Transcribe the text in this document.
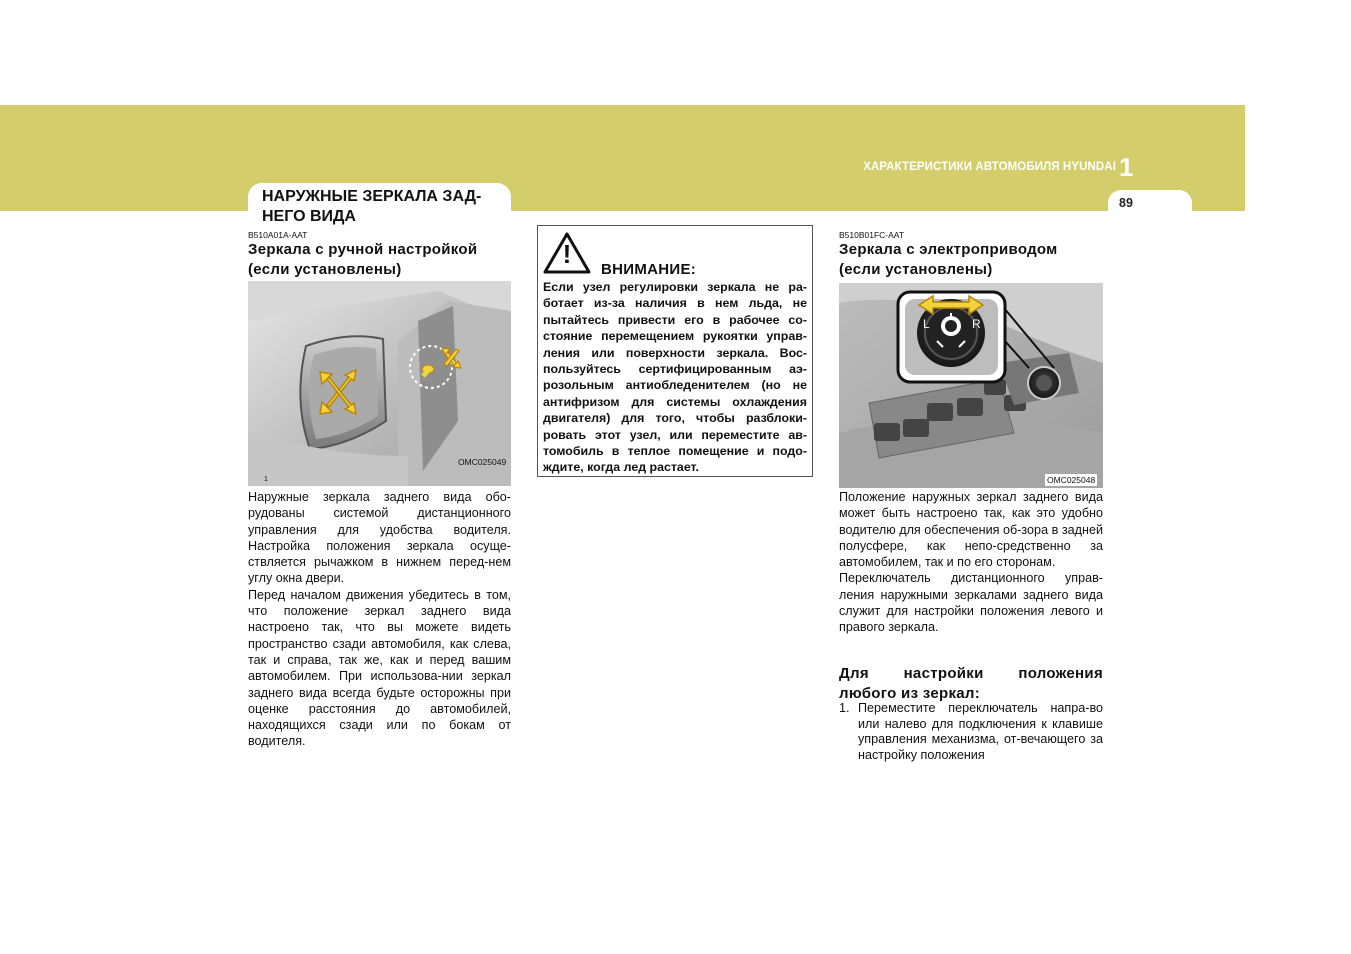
ХАРАКТЕРИСТИКИ АВТОМОБИЛЯ HYUNDAI 1
89
НАРУЖНЫЕ ЗЕРКАЛА ЗАД-
НЕГО ВИДА
B510A01A-AAT
Зеркала с ручной настройкой
(если установлены)
OMC025049
1

Наружные зеркала заднего вида обо-рудованы системой дистанционного управления для удобства водителя. Настройка положения зеркала осуще-ствляется рычажком в нижнем перед-нем углу окна двери.

Перед началом движения убедитесь в том, что положение зеркал заднего вида настроено так, что вы можете видеть пространство сзади автомобиля, как слева, так и справа, так же, как и перед вашим автомобилем. При использова-нии зеркал заднего вида всегда будьте осторожны при оценке расстояния до автомобилей, находящихся сзади или по бокам от водителя.

!
ВНИМАНИЕ:

Если узел регулировки зеркала не ра-ботает из-за наличия в нем льда, не пытайтесь привести его в рабочее со-стояние перемещением рукоятки управ-ления или поверхности зеркала. Вос-пользуйтесь сертифицированным аэ-розольным антиобледенителем (но не антифризом для системы охлаждения двигателя) для того, чтобы разблоки-ровать этот узел, или переместите ав-томобиль в теплое помещение и подо-ждите, когда лед растает.

B510B01FC-AAT
Зеркала с электроприводом
(если установлены)
L	R
OMC025048

Положение наружных зеркал заднего вида может быть настроено так, как это удобно водителю для обеспечения об-зора в задней полусфере, как непо-средственно за автомобилем, так и по его сторонам.

Переключатель дистанционного управ-ления наружными зеркалами заднего вида служит для настройки положения левого и правого зеркала.

Для настройки положения
любого из зеркал:
1. Переместите переключатель напра-во или налево для подключения к клавише управления механизма, от-вечающего за настройку положения
